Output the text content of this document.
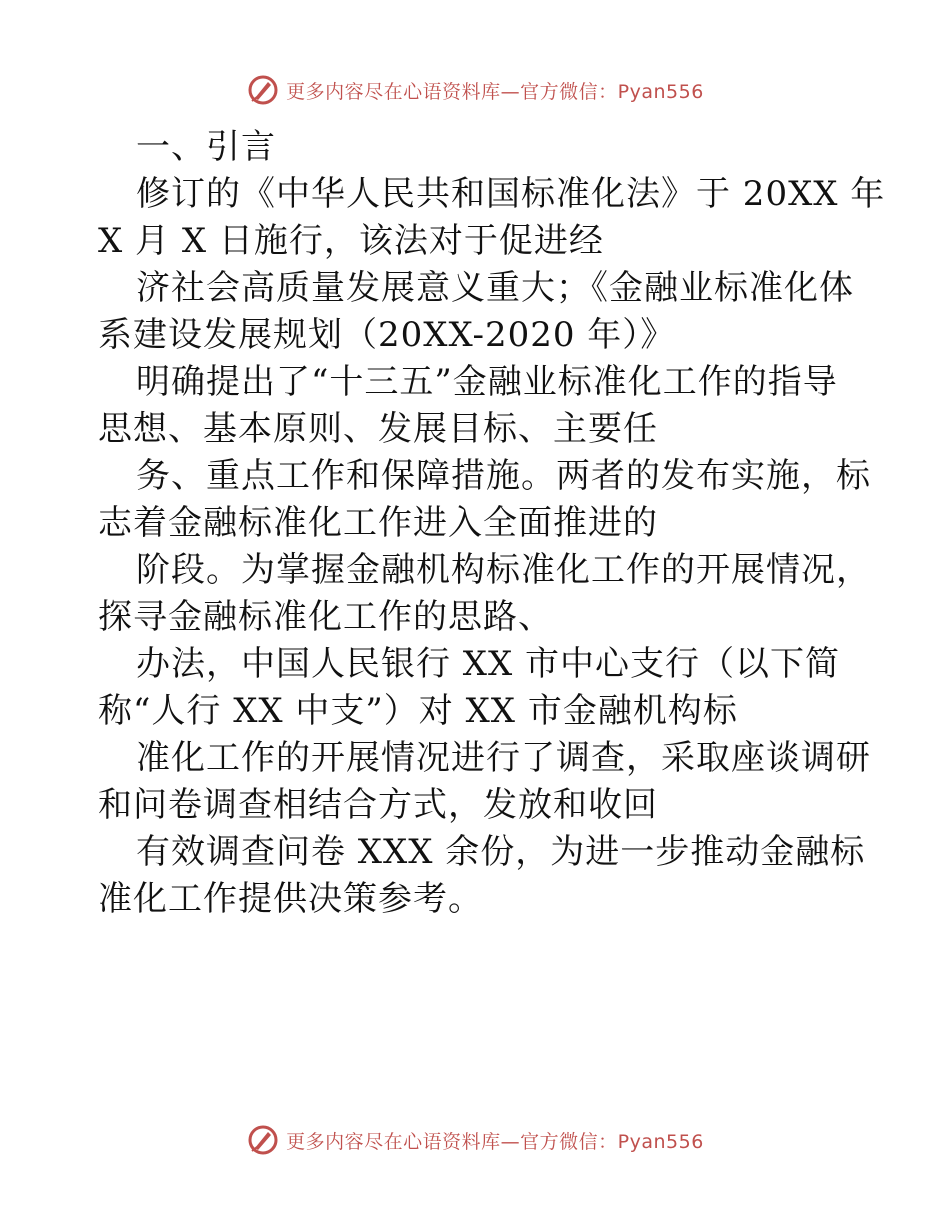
更多内容尽在心语资料库—官方微信：Pyan556
一、引言
修订的《中华人民共和国标准化法》于 20XX 年
X 月 X 日施行，该法对于促进经
济社会高质量发展意义重大；《金融业标准化体
系建设发展规划（20XX-2020 年）》
明确提出了“十三五”金融业标准化工作的指导
思想、基本原则、发展目标、主要任
务、重点工作和保障措施。两者的发布实施，标
志着金融标准化工作进入全面推进的
阶段。为掌握金融机构标准化工作的开展情况，
探寻金融标准化工作的思路、
办法，中国人民银行 XX 市中心支行（以下简
称“人行 XX 中支”）对 XX 市金融机构标
准化工作的开展情况进行了调查，采取座谈调研
和问卷调查相结合方式，发放和收回
有效调查问卷 XXX 余份，为进一步推动金融标
准化工作提供决策参考。
更多内容尽在心语资料库—官方微信：Pyan556
